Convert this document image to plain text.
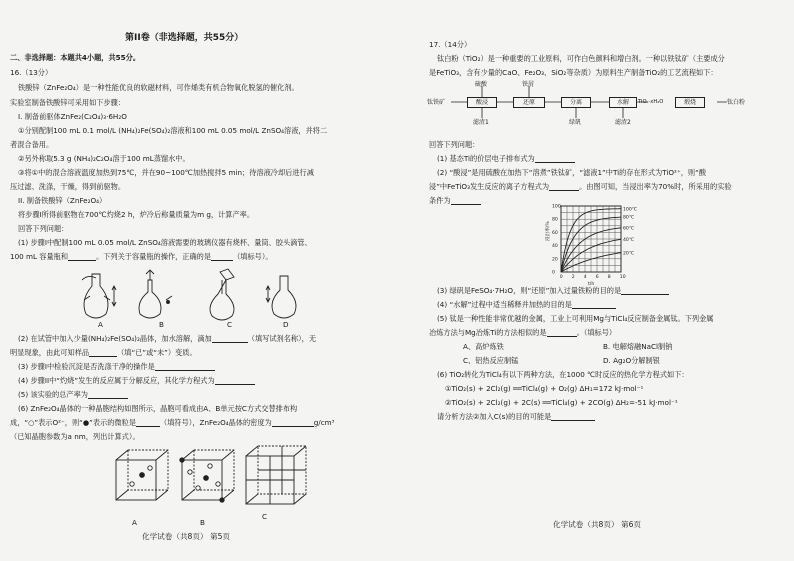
第II卷（非选择题，共55分）
二、非选择题：本题共4小题，共55分。
16.（13分）
铁酸锌（ZnFe₂O₄）是一种性能优良的软磁材料，可作烯类有机合物氧化脱氢的催化剂。
实验室制备铁酸锌可采用如下步骤：
I. 制备前驱体ZnFe₂(C₂O₄)₃·6H₂O
①分别配制100 mL 0.1 mol/L (NH₄)₂Fe(SO₄)₂溶液和100 mL 0.05 mol/L ZnSO₄溶液，并将二
者混合备用。
②另外称取5.3 g (NH₄)₂C₂O₄溶于100 mL蒸馏水中。
③将①中的混合溶液温度加热到75℃，并在90~100℃加热搅拌5 min；待溶液冷却后进行减
压过滤、洗涤，干燥，得到前驱物。
II. 制备铁酸锌（ZnFe₂O₄）
将步骤I所得前驱物在700℃灼烧2 h，炉冷后称量质量为m g，计算产率。
回答下列问题：
(1) 步骤I中配制100 mL 0.05 mol/L ZnSO₄溶液需要的玻璃仪器有烧杯、量筒、胶头滴管、
100 mL 容量瓶和	。下列关于容量瓶的操作，正确的是	（填标号）。
A	B	C	D
(2) 在试管中加入少量(NH₄)₂Fe(SO₄)₂晶体，加水溶解，滴加	（填写试剂名称），无
明显现象，由此可知样品	（填“已”或“未”）变质。
(3) 步骤I中检验沉淀是否洗涤干净的操作是
(4) 步骤II中“灼烧”发生的反应属于分解反应，其化学方程式为
(5) 该实验的总产率为
(6) ZnFe₂O₄晶体的一种晶胞结构如图所示，晶胞可看成由A、B单元按C方式交替排布构
成，“○”表示O²⁻，则“●”表示的微粒是	（填符号），ZnFe₂O₄晶体的密度为	g/cm³
（已知晶胞参数为a nm，列出计算式）。
A	B
C
化学试卷（共8页） 第5页
17.（14分）
钛白粉（TiO₂）是一种重要的工业原料，可作白色颜料和增白剂。一种以铁钛矿（主要成分
是FeTiO₃，含有少量的CaO、Fe₂O₃、SiO₂等杂质）为原料生产制备TiO₂的工艺流程如下：
钛铁矿
硫酸	铁屑
酸浸	还原	分离	水解	TiO₂·xH₂O	煅烧	钛白粉
滤渣1	绿矾	滤渣2
回答下列问题：
(1) 基态Ti的价层电子排布式为
(2) “酸浸”是用硫酸在加热下“溶煮”铁钛矿，“滤液1”中Ti的存在形式为TiO²⁺，则“酸
浸”中FeTiO₃发生反应的离子方程式为	。由图可知，当浸出率为70%时，所采用的实验
条件为
0 2 4 6 8 10
0
20
40
60
80
100
t/h
浸出率/%
100℃
80℃
60℃
40℃
20℃
(3) 绿矾是FeSO₄·7H₂O，则“还原”加入过量铁粉的目的是
(4) “水解”过程中适当稀释并加热的目的是
(5) 钛是一种性能非常优越的金属，工业上可利用Mg与TiCl₄反应制备金属钛。下列金属
冶炼方法与Mg冶炼Ti的方法相似的是	。（填标号）
A、高炉炼铁	B. 电解熔融NaCl制钠
C、铝热反应制锰	D. Ag₂O分解制银
(6) TiO₂转化为TiCl₄有以下两种方法，在1000 ℃时反应的热化学方程式如下：
①TiO₂(s) + 2Cl₂(g) ══TiCl₄(g) + O₂(g) ΔH₁=172 kJ·mol⁻¹
②TiO₂(s) + 2Cl₂(g) + 2C(s) ══TiCl₄(g) + 2CO(g) ΔH₂=-51 kJ·mol⁻¹
请分析方法②加入C(s)的目的可能是
化学试卷（共8页） 第6页
